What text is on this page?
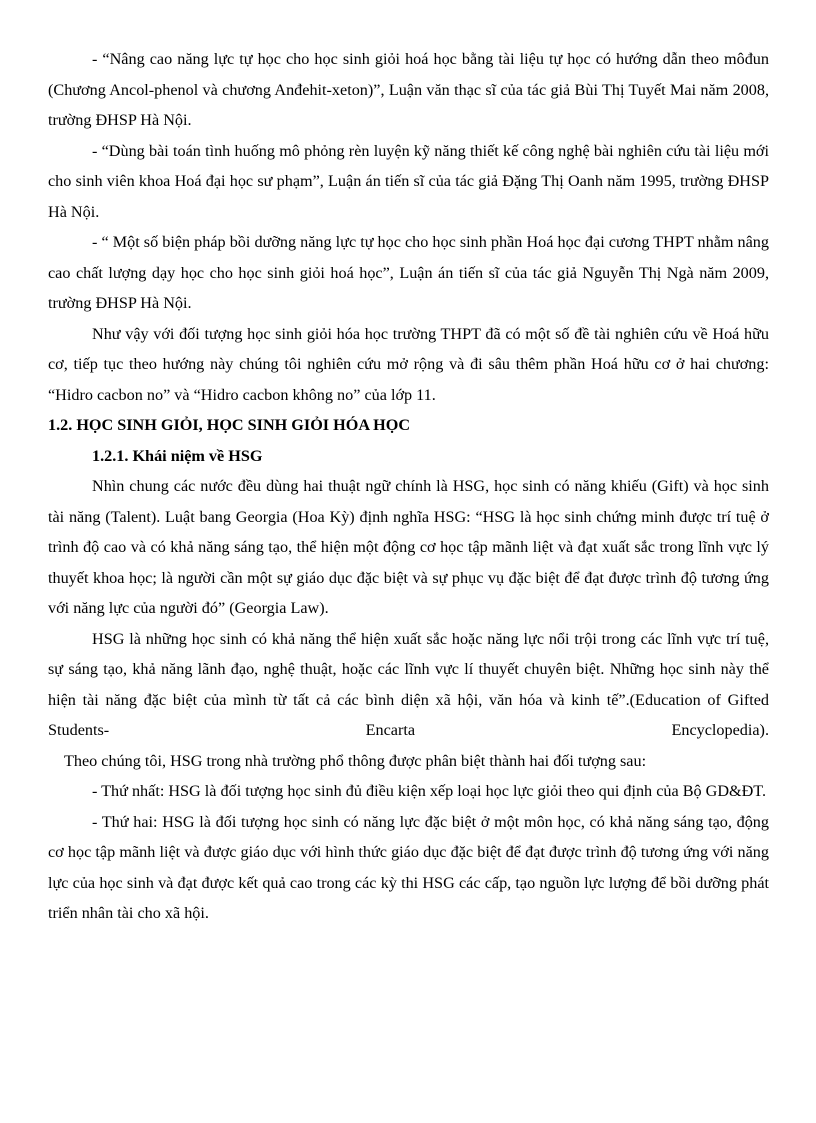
- “Nâng cao năng lực tự học cho học sinh giỏi hoá học bằng tài liệu tự học có hướng dẫn theo môđun (Chương Ancol-phenol và chương Anđehit-xeton)”, Luận văn thạc sĩ của tác giả Bùi Thị Tuyết Mai năm 2008, trường ĐHSP Hà Nội.

- “Dùng bài toán tình huống mô phỏng rèn luyện kỹ năng thiết kế công nghệ bài nghiên cứu tài liệu mới cho sinh viên khoa Hoá đại học sư phạm”, Luận án tiến sĩ của tác giả Đặng Thị Oanh năm 1995, trường ĐHSP Hà Nội.

- “ Một số biện pháp bồi dưỡng năng lực tự học cho học sinh phần Hoá học đại cương THPT nhằm nâng cao chất lượng dạy học cho học sinh giỏi hoá học”, Luận án tiến sĩ của tác giả Nguyễn Thị Ngà năm 2009, trường ĐHSP Hà Nội.

Như vậy với đối tượng học sinh giỏi hóa học trường THPT đã có một số đề tài nghiên cứu về Hoá hữu cơ, tiếp tục theo hướng này chúng tôi nghiên cứu mở rộng và đi sâu thêm phần Hoá hữu cơ ở hai chương: “Hidro cacbon no” và “Hidro cacbon không no” của lớp 11.

1.2. HỌC SINH GIỎI, HỌC SINH GIỎI HÓA HỌC
1.2.1. Khái niệm về HSG

Nhìn chung các nước đều dùng hai thuật ngữ chính là HSG, học sinh có năng khiếu (Gift) và học sinh tài năng (Talent). Luật bang Georgia (Hoa Kỳ) định nghĩa HSG: “HSG là học sinh chứng minh được trí tuệ ở trình độ cao và có khả năng sáng tạo, thể hiện một động cơ học tập mãnh liệt và đạt xuất sắc trong lĩnh vực lý thuyết khoa học; là người cần một sự giáo dục đặc biệt và sự phục vụ đặc biệt để đạt được trình độ tương ứng với năng lực của người đó” (Georgia Law).

HSG là những học sinh có khả năng thể hiện xuất sắc hoặc năng lực nổi trội trong các lĩnh vực trí tuệ, sự sáng tạo, khả năng lãnh đạo, nghệ thuật, hoặc các lĩnh vực lí thuyết chuyên biệt. Những học sinh này thể hiện tài năng đặc biệt của mình từ tất cả các bình diện xã hội, văn hóa và kinh tế”.(Education of Gifted Students- Encarta Encyclopedia).

Theo chúng tôi, HSG trong nhà trường phổ thông được phân biệt thành hai đối tượng sau:

- Thứ nhất: HSG là đối tượng học sinh đủ điều kiện xếp loại học lực giỏi theo qui định của Bộ GD&ĐT.

- Thứ hai: HSG là đối tượng học sinh có năng lực đặc biệt ở một môn học, có khả năng sáng tạo, động cơ học tập mãnh liệt và được giáo dục với hình thức giáo dục đặc biệt để đạt được trình độ tương ứng với năng lực của học sinh và đạt được kết quả cao trong các kỳ thi HSG các cấp, tạo nguồn lực lượng để bồi dưỡng phát triển nhân tài cho xã hội.
